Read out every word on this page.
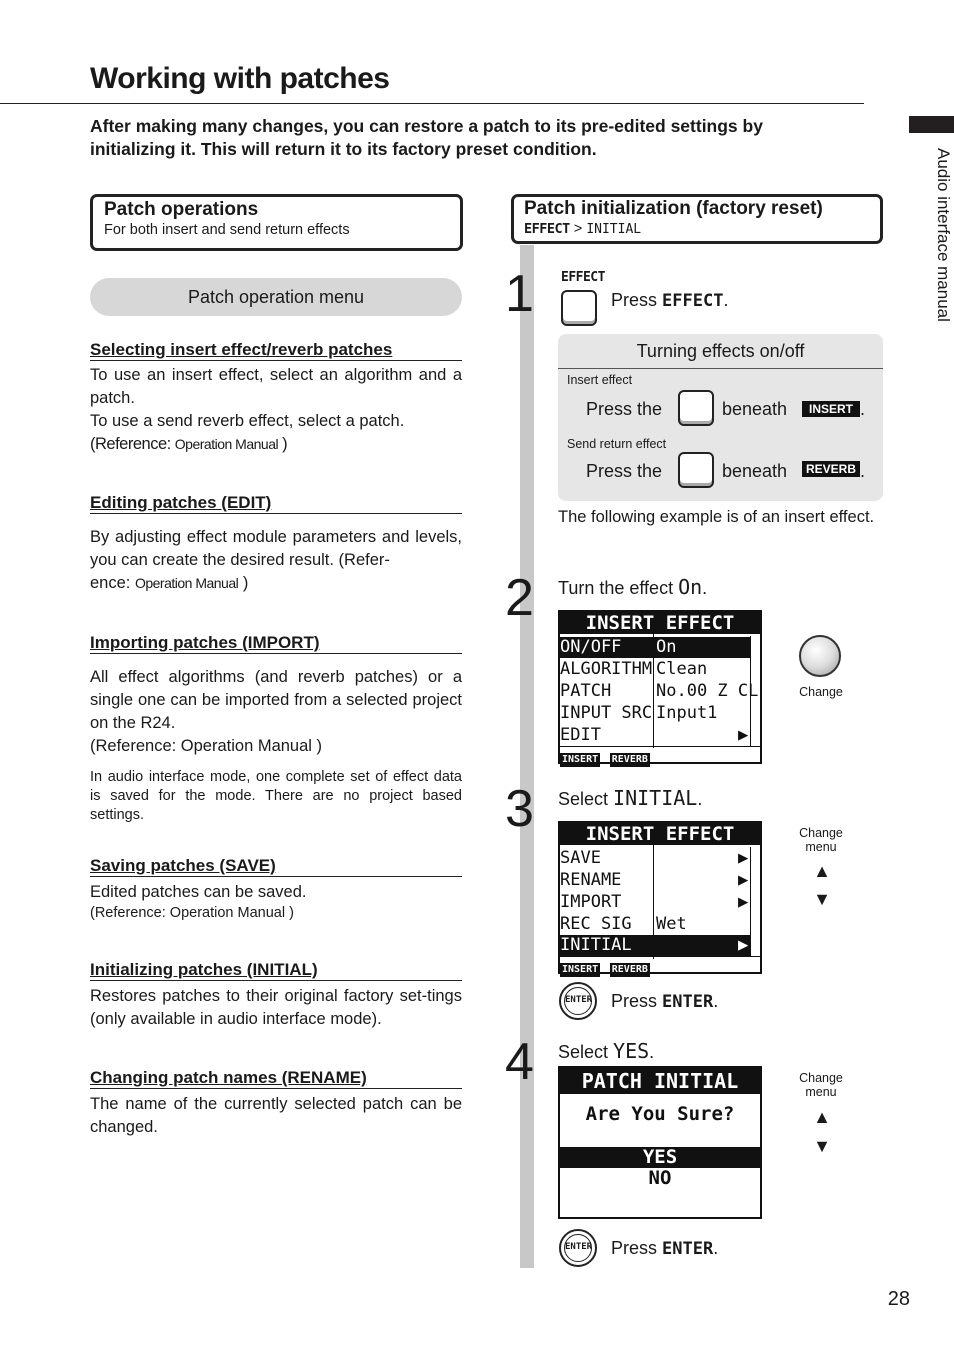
Working with patches
After making many changes, you can restore a patch to its pre-edited settings by initializing it. This will return it to its factory preset condition.	Audio interface manual
28
Patch operations
For both insert and send return effects
Patch operation menu
Selecting insert effect/reverb patches
To use an insert effect, select an algorithm and a patch.
To use a send reverb effect, select a patch.
(Reference: Operation Manual )
Editing patches (EDIT)
By adjusting effect module parameters and levels, you can create the desired result. (Refer-
ence: Operation Manual )
Importing patches (IMPORT)
All effect algorithms (and reverb patches) or a single one can be imported from a selected project on the R24.
(Reference: Operation Manual )
In audio interface mode, one complete set of effect data is saved for the mode. There are no project based settings.
Saving patches (SAVE)
Edited patches can be saved.
(Reference: Operation Manual )
Initializing patches (INITIAL)
Restores patches to their original factory set-tings (only available in audio interface mode).
Changing patch names (RENAME)
The name of the currently selected patch can be changed.
Patch initialization (factory reset)
EFFECT > INITIAL
1 EFFECT
Press EFFECT.
Turning effects on/off
Insert effect
Press the	beneath	INSERT .
Send return effect
Press the	beneath	REVERB .
The following example is of an insert effect.
2 Turn the effect On.
INSERT EFFECT
ON/OFF On
ALGORITHM Clean
PATCH	No.00 Z CL
INPUT SRC Input1
EDIT	▶
INSERT REVERB
Change
3 Select INITIAL.
INSERT EFFECT
SAVE	▶
RENAME	▶
IMPORT	▶
REC SIG Wet
INITIAL	▶
INSERT REVERB
Change
menu
▲
▼
ENTER Press ENTER.
4 Select YES.
PATCH INITIAL
Are You Sure?
YES
NO
Change
menu
▲
▼
ENTER Press ENTER.
